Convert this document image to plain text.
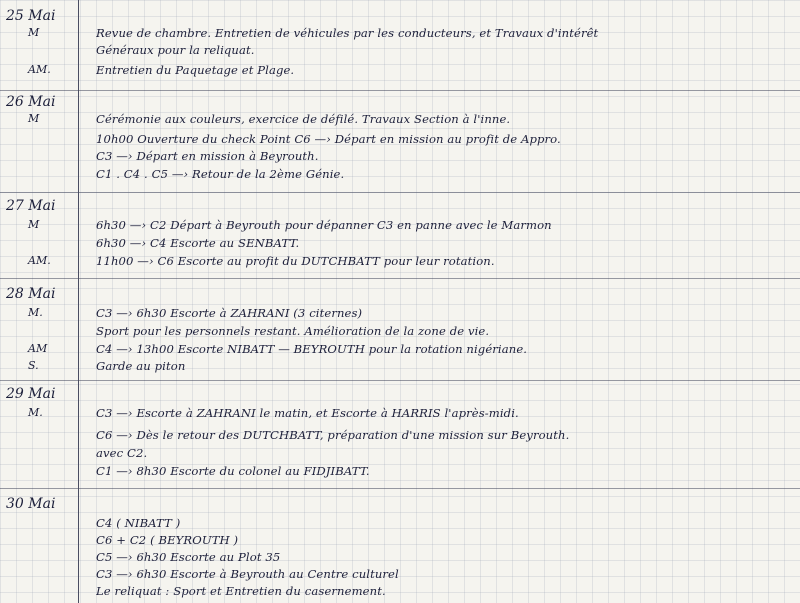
25 Mai
M	Revue de chambre. Entretien de véhicules par les conducteurs, et Travaux d'intérêt
Généraux pour la reliquat.
AM.	Entretien du Paquetage et Plage.
26 Mai
M	Cérémonie aux couleurs, exercice de défilé. Travaux Section à l'inne.
10h00 Ouverture du check Point C6 —› Départ en mission au profit de Appro.
C3 —› Départ en mission à Beyrouth.
C1 . C4 . C5 —› Retour de la 2ème Génie.
27 Mai
M	6h30 —› C2 Départ à Beyrouth pour dépanner C3 en panne avec le Marmon
6h30 —› C4 Escorte au SENBATT.
AM.	11h00 —› C6 Escorte au profit du DUTCHBATT pour leur rotation.
28 Mai
M.	C3 —› 6h30 Escorte à ZAHRANI (3 citernes)
Sport pour les personnels restant. Amélioration de la zone de vie.
AM	C4 —› 13h00 Escorte NIBATT — BEYROUTH pour la rotation nigériane.
S.	Garde au piton
29 Mai
M.	C3 —› Escorte à ZAHRANI le matin, et Escorte à HARRIS l'après-midi.
C6 —› Dès le retour des DUTCHBATT, préparation d'une mission sur Beyrouth.
avec C2.
C1 —› 8h30 Escorte du colonel au FIDJIBATT.
30 Mai
C4 ( NIBATT )
C6 + C2 ( BEYROUTH )
C5 —› 6h30 Escorte au Plot 35
C3 —› 6h30 Escorte à Beyrouth au Centre culturel
Le reliquat : Sport et Entretien du casernement.
